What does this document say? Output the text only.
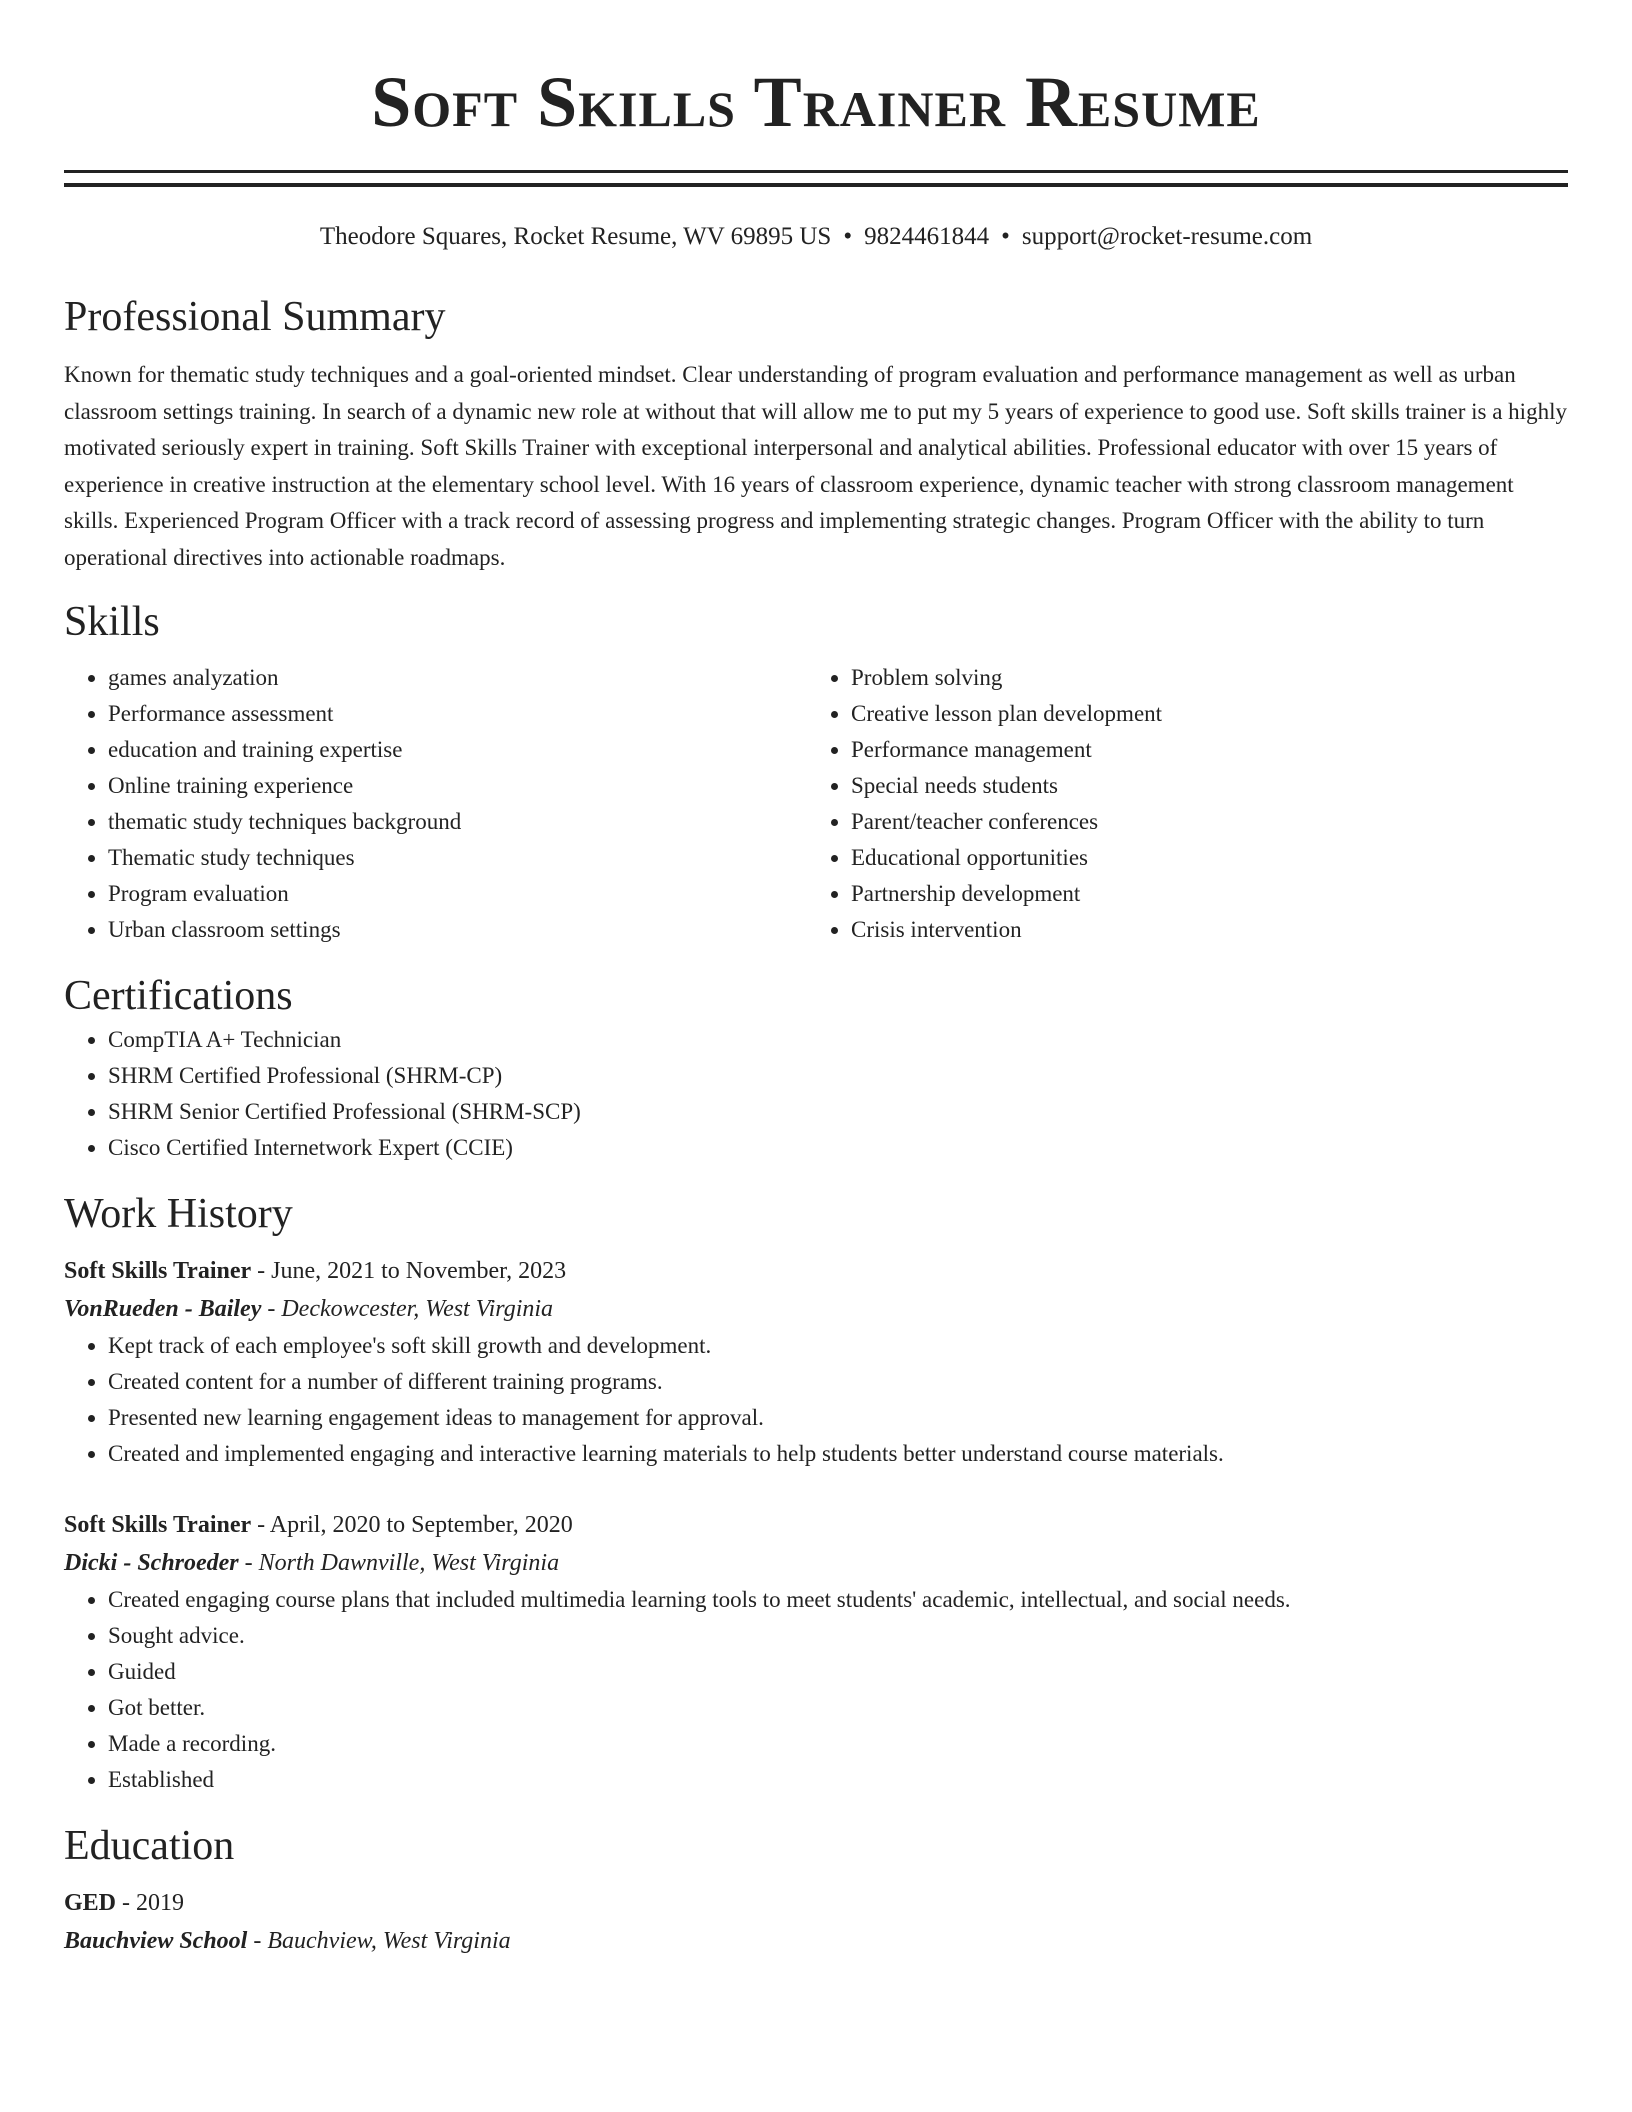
Soft Skills Trainer Resume
Theodore Squares, Rocket Resume, WV 69895 US • 9824461844 • support@rocket-resume.com
Professional Summary
Known for thematic study techniques and a goal-oriented mindset. Clear understanding of program evaluation and performance management as well as urban classroom settings training. In search of a dynamic new role at without that will allow me to put my 5 years of experience to good use. Soft skills trainer is a highly motivated seriously expert in training. Soft Skills Trainer with exceptional interpersonal and analytical abilities. Professional educator with over 15 years of experience in creative instruction at the elementary school level. With 16 years of classroom experience, dynamic teacher with strong classroom management skills. Experienced Program Officer with a track record of assessing progress and implementing strategic changes. Program Officer with the ability to turn operational directives into actionable roadmaps.
Skills
• games analyzation
• Performance assessment
• education and training expertise
• Online training experience
• thematic study techniques background
• Thematic study techniques
• Program evaluation
• Urban classroom settings
• Problem solving
• Creative lesson plan development
• Performance management
• Special needs students
• Parent/teacher conferences
• Educational opportunities
• Partnership development
• Crisis intervention
Certifications
• CompTIA A+ Technician
• SHRM Certified Professional (SHRM-CP)
• SHRM Senior Certified Professional (SHRM-SCP)
• Cisco Certified Internetwork Expert (CCIE)
Work History
Soft Skills Trainer - June, 2021 to November, 2023
VonRueden - Bailey - Deckowcester, West Virginia
• Kept track of each employee's soft skill growth and development.
• Created content for a number of different training programs.
• Presented new learning engagement ideas to management for approval.
• Created and implemented engaging and interactive learning materials to help students better understand course materials.
Soft Skills Trainer - April, 2020 to September, 2020
Dicki - Schroeder - North Dawnville, West Virginia
• Created engaging course plans that included multimedia learning tools to meet students' academic, intellectual, and social needs.
• Sought advice.
• Guided
• Got better.
• Made a recording.
• Established
Education
GED - 2019
Bauchview School - Bauchview, West Virginia
